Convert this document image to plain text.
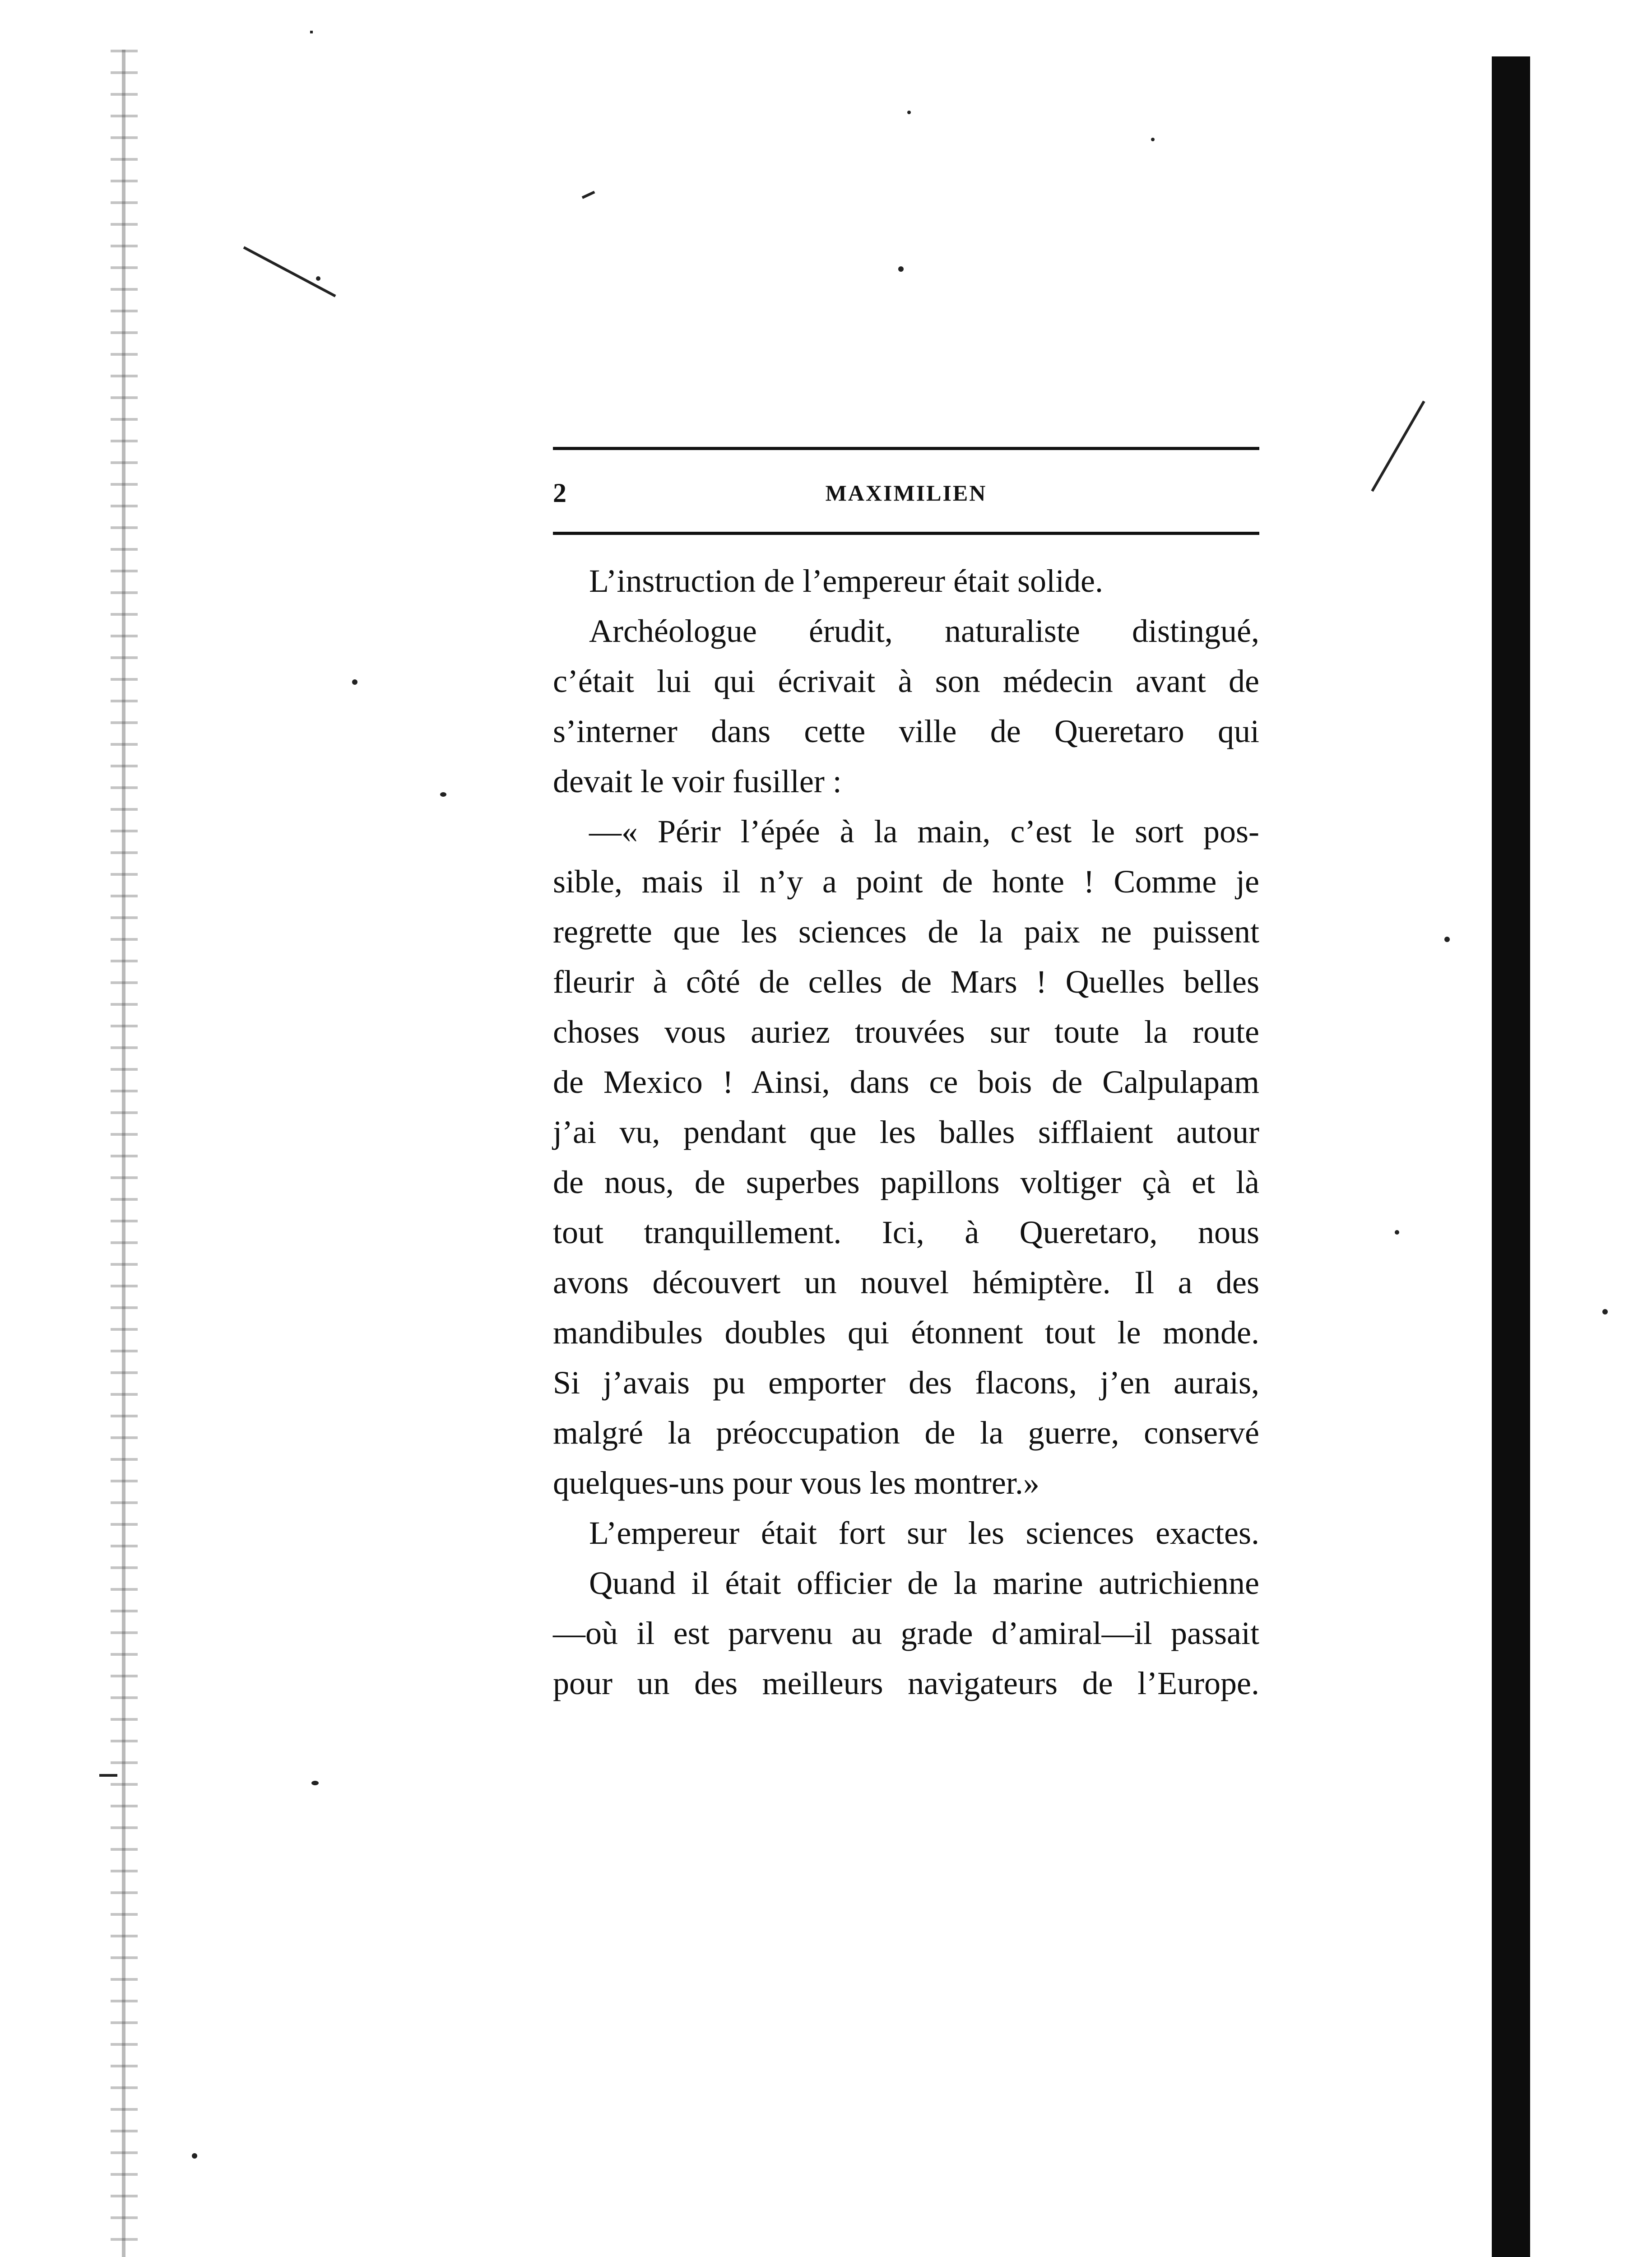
2	MAXIMILIEN
L’instruction de l’empereur était solide.
Archéologue érudit, naturaliste distingué,
c’était lui qui écrivait à son médecin avant de
s’interner dans cette ville de Queretaro qui
devait le voir fusiller :
—« Périr l’épée à la main, c’est le sort pos-
sible, mais il n’y a point de honte ! Comme je
regrette que les sciences de la paix ne puissent
fleurir à côté de celles de Mars ! Quelles belles
choses vous auriez trouvées sur toute la route
de Mexico ! Ainsi, dans ce bois de Calpulapam
j’ai vu, pendant que les balles sifflaient autour
de nous, de superbes papillons voltiger çà et là
tout tranquillement. Ici, à Queretaro, nous
avons découvert un nouvel hémiptère. Il a des
mandibules doubles qui étonnent tout le monde.
Si j’avais pu emporter des flacons, j’en aurais,
malgré la préoccupation de la guerre, conservé
quelques-uns pour vous les montrer.»
L’empereur était fort sur les sciences exactes.
Quand il était officier de la marine autrichienne
—où il est parvenu au grade d’amiral—il passait
pour un des meilleurs navigateurs de l’Europe.
